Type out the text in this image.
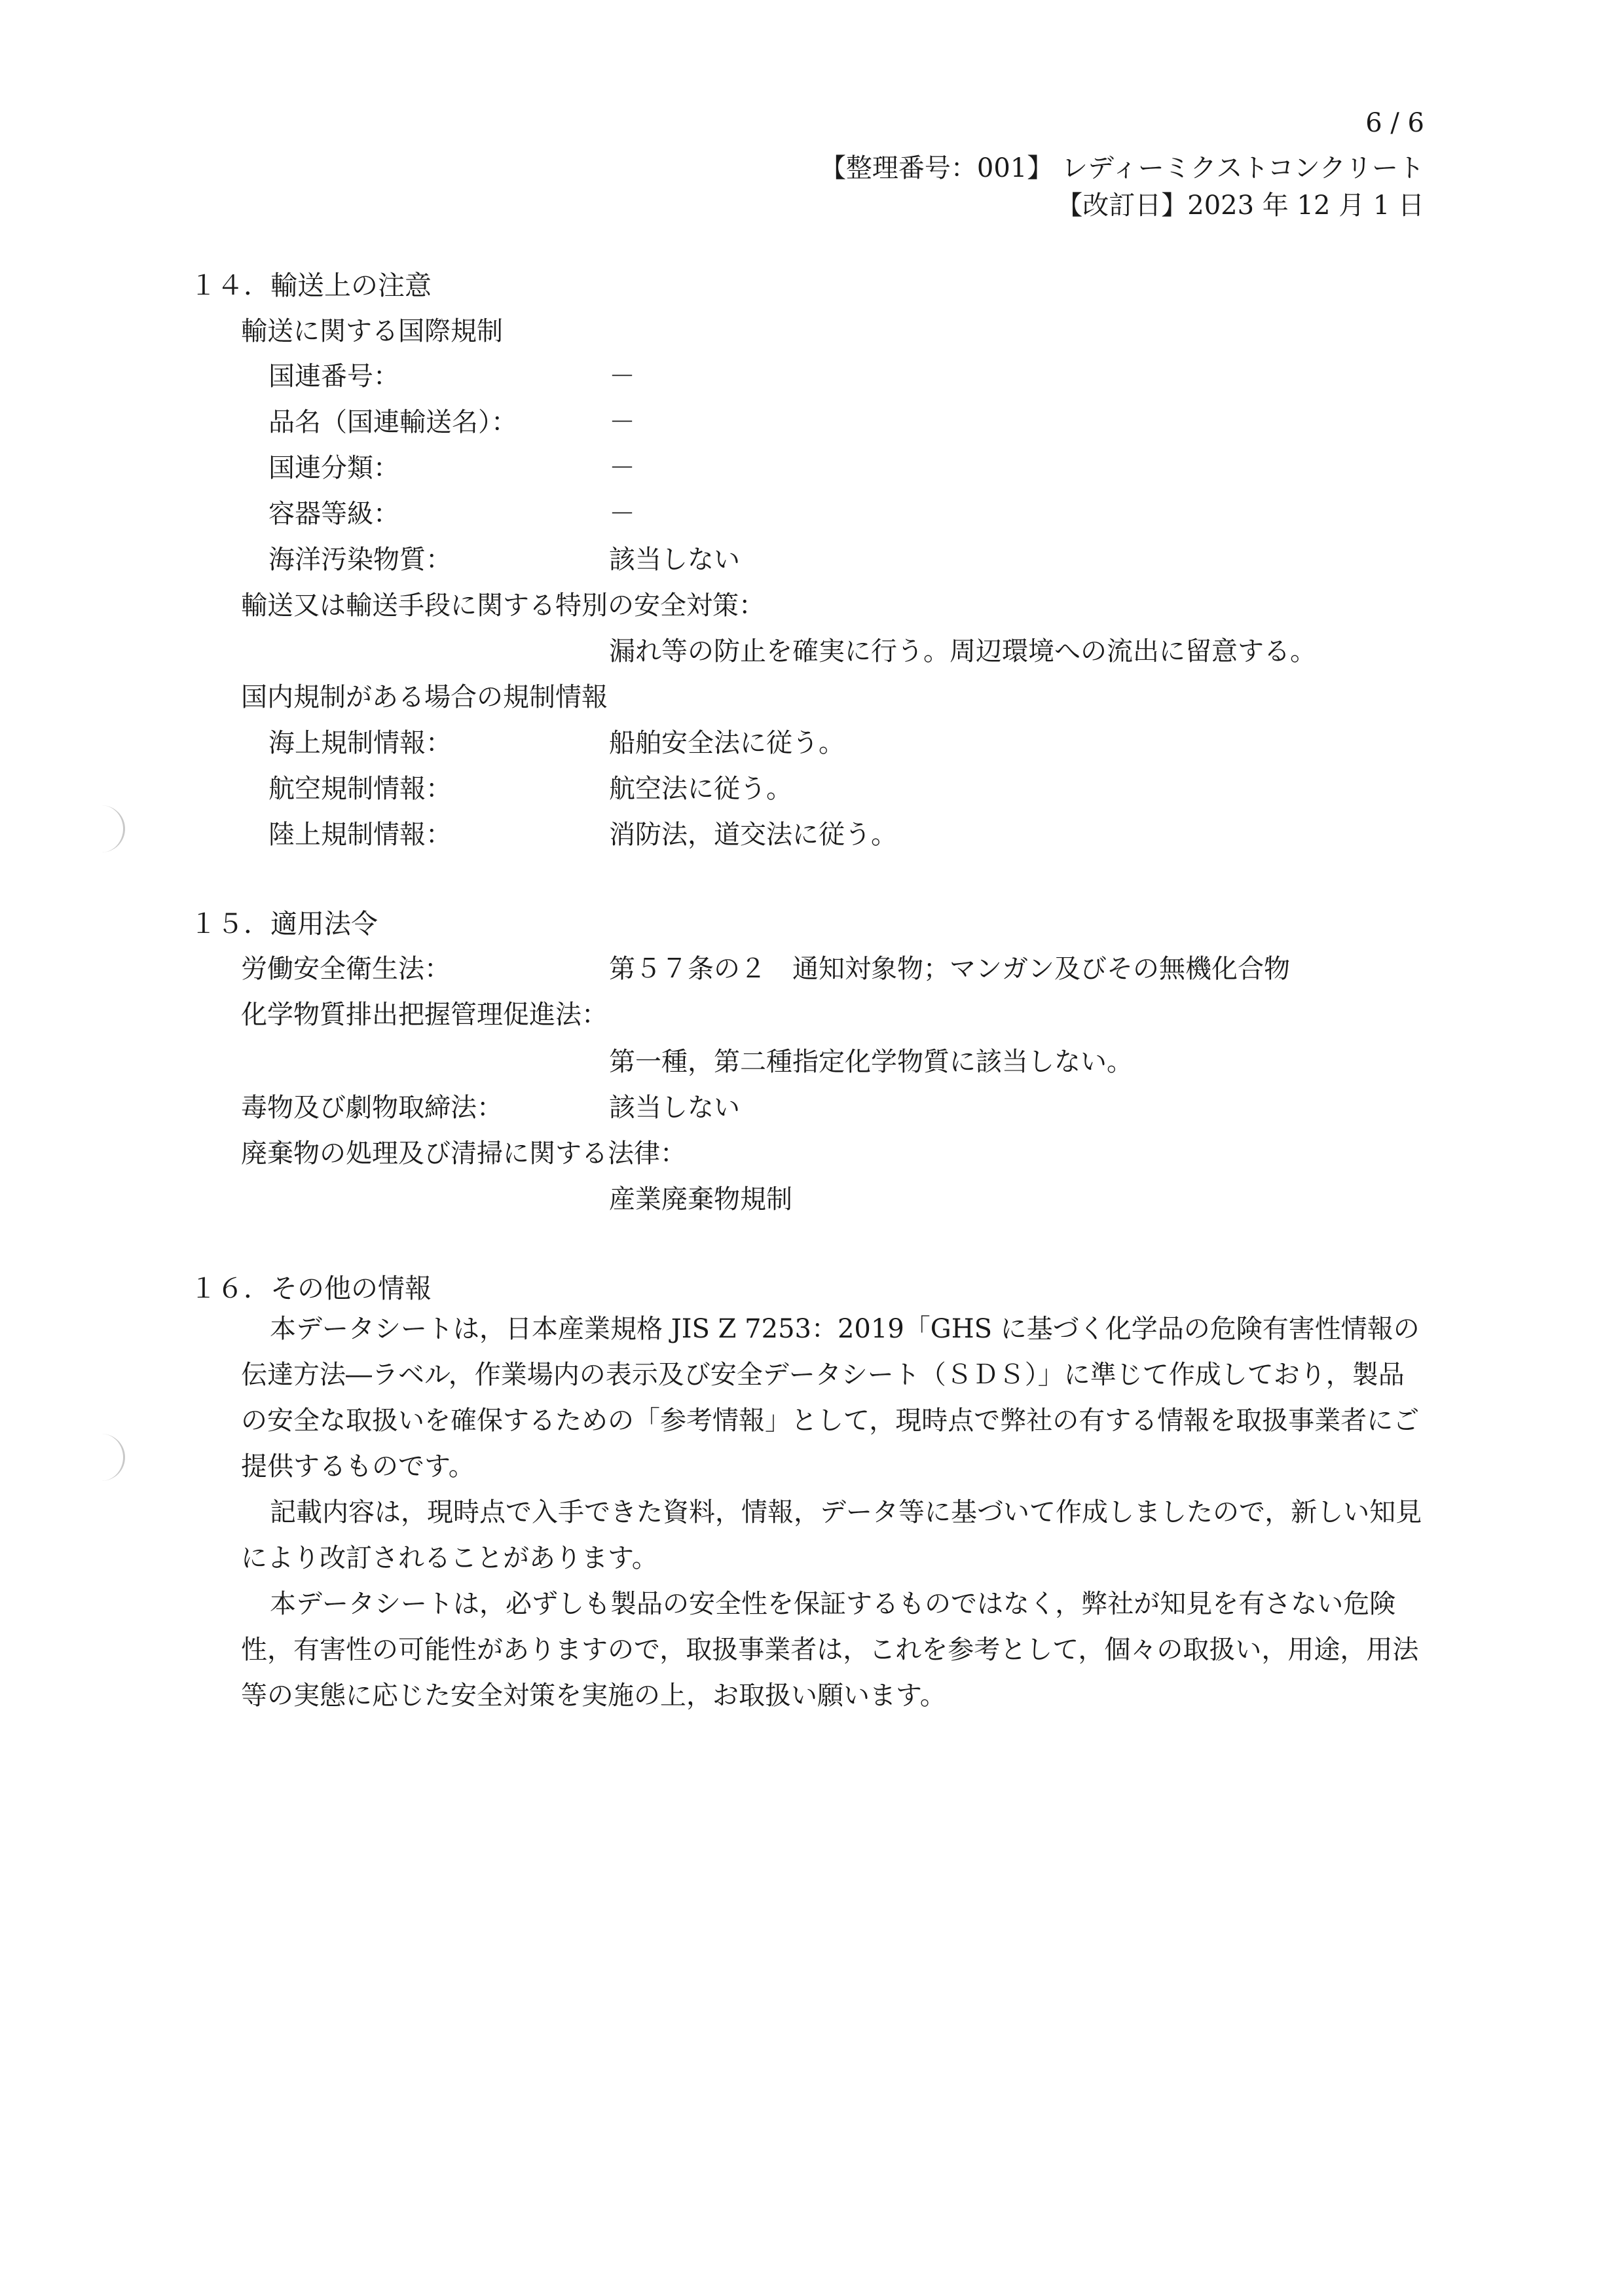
6 / 6
【整理番号：001】 レディーミクストコンクリート
【改訂日】2023 年 12 月 1 日
１４．輸送上の注意
輸送に関する国際規制
国連番号：	－
品名（国連輸送名）：	－
国連分類：	－
容器等級：	－
海洋汚染物質：	該当しない
輸送又は輸送手段に関する特別の安全対策：
漏れ等の防止を確実に行う。周辺環境への流出に留意する。
国内規制がある場合の規制情報
海上規制情報：	船舶安全法に従う。
航空規制情報：	航空法に従う。
陸上規制情報：	消防法，道交法に従う。
１５．適用法令
労働安全衛生法：	第５７条の２　通知対象物；マンガン及びその無機化合物
化学物質排出把握管理促進法：
第一種，第二種指定化学物質に該当しない。
毒物及び劇物取締法：	該当しない
廃棄物の処理及び清掃に関する法律：
産業廃棄物規制
１６．その他の情報

本データシートは，日本産業規格 JIS Z 7253：2019「GHS に基づく化学品の危険有害性情報の伝達方法―ラベル，作業場内の表示及び安全データシート（ＳＤＳ）」に準じて作成しており，製品の安全な取扱いを確保するための「参考情報」として，現時点で弊社の有する情報を取扱事業者にご提供するものです。

記載内容は，現時点で入手できた資料，情報，データ等に基づいて作成しましたので，新しい知見により改訂されることがあります。

本データシートは，必ずしも製品の安全性を保証するものではなく，弊社が知見を有さない危険性，有害性の可能性がありますので，取扱事業者は，これを参考として，個々の取扱い，用途，用法等の実態に応じた安全対策を実施の上，お取扱い願います。
